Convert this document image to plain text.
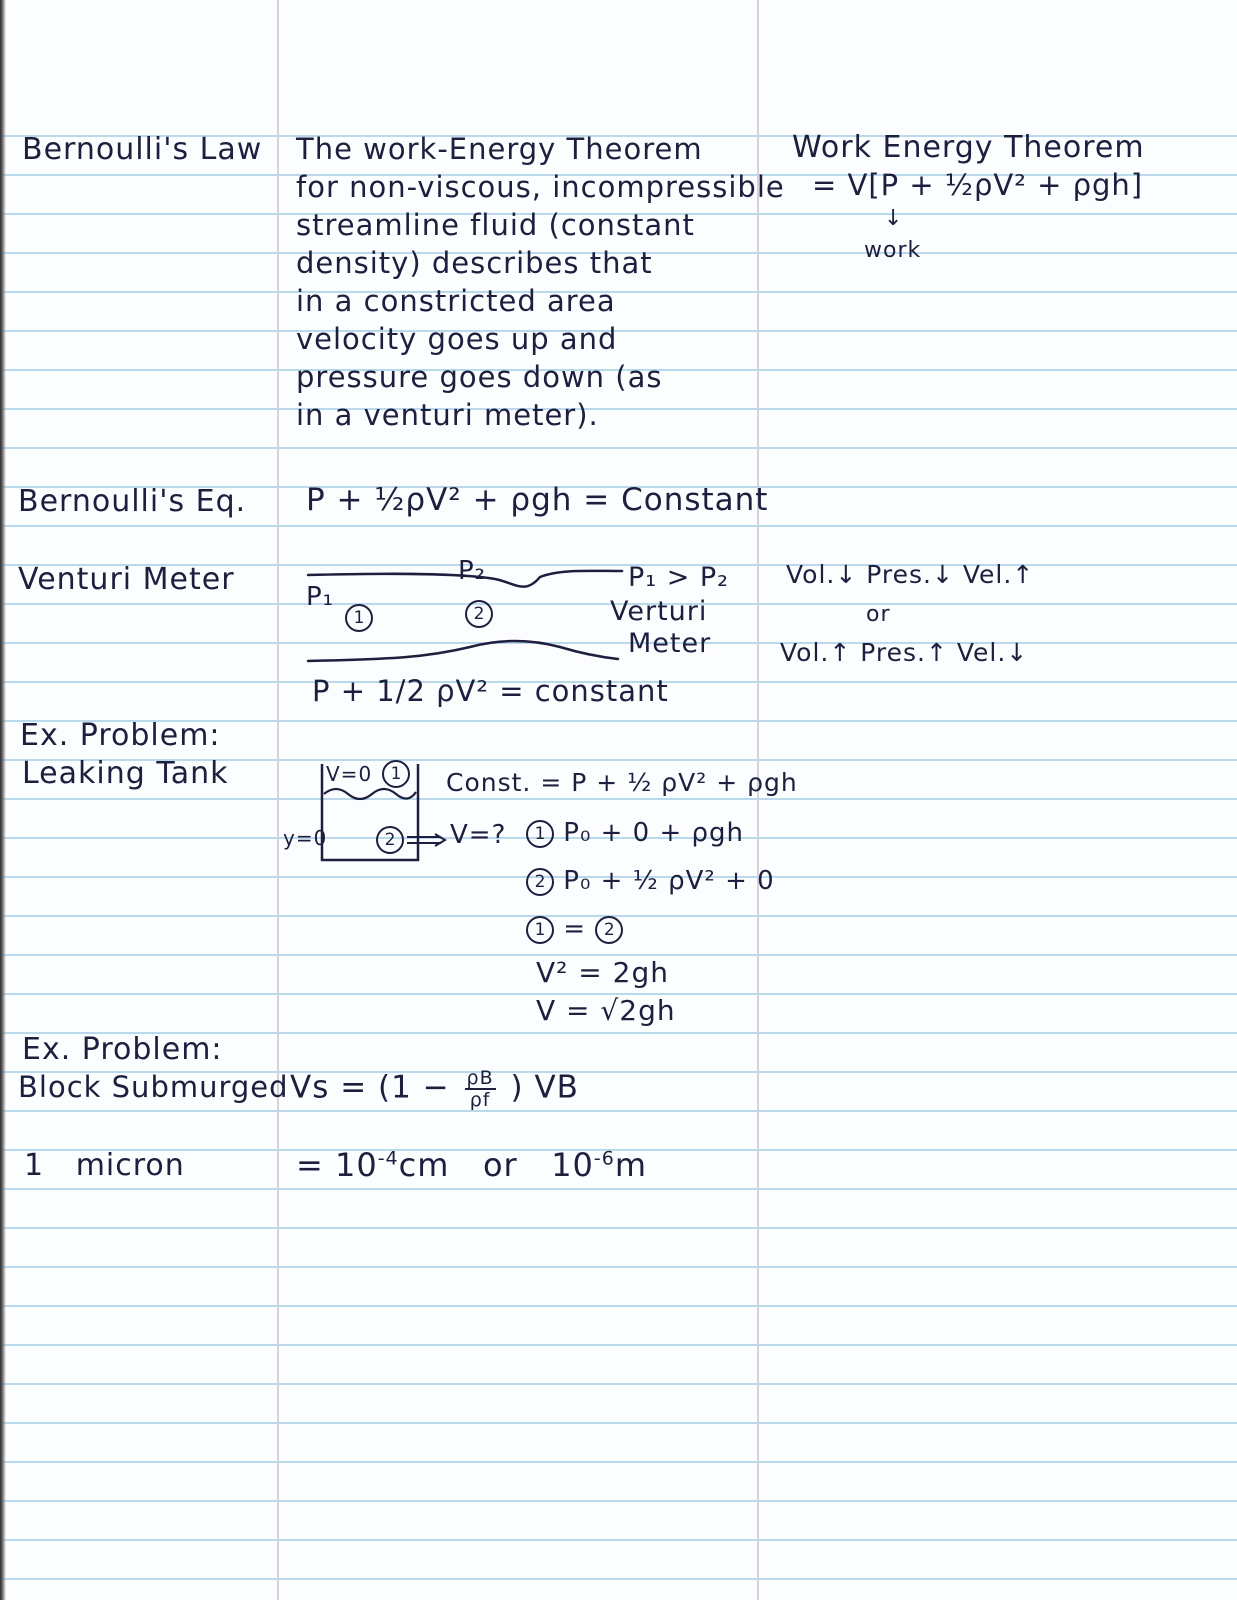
Bernoulli's Law The work-Energy Theorem
for non-viscous, incompressible
streamline fluid (constant
density) describes that
in a constricted area
velocity goes up and
pressure goes down (as
in a venturi meter).
Work Energy Theorem
= V[P + ½ρV² + ρgh]
↓
work
Bernoulli's Eq. P + ½ρV² + ρgh = Constant
Venturi Meter	P₁
P₂
1	2
P₁ > P₂
Verturi
Meter
P + 1/2 ρV² = constant
Vol.↓ Pres.↓ Vel.↑
or
Vol.↑ Pres.↑ Vel.↓
Ex. Problem:
Leaking Tank	V=0	1
y=0	2	V=?
Const. = P + ½ ρV² + ρgh
1 P₀ + 0 + ρgh
2 P₀ + ½ ρV² + 0
1 = 2
V² = 2gh
V = √2gh
Ex. Problem:
Block Submurged $Vs = (1 - \frac{\rho B}{\rho f}$ ) VB
1   micron	= $10^{-4}cm$   or   $10^{-6}m$
